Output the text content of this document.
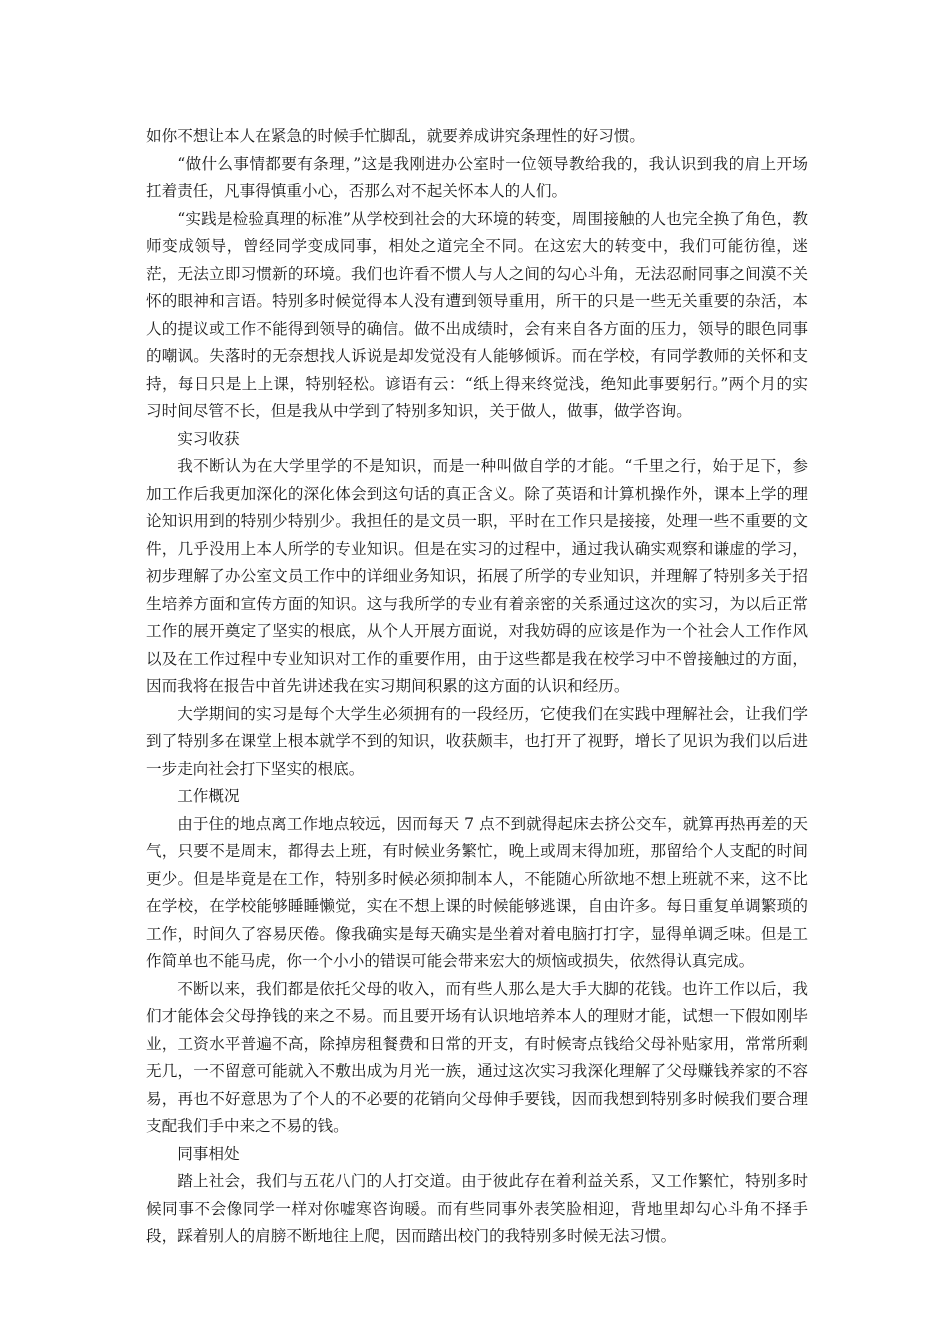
如你不想让本人在紧急的时候手忙脚乱，就要养成讲究条理性的好习惯。

“做什么事情都要有条理，”这是我刚进办公室时一位领导教给我的，我认识到我的肩上开场扛着责任，凡事得慎重小心，否那么对不起关怀本人的人们。

“实践是检验真理的标准”从学校到社会的大环境的转变，周围接触的人也完全换了角色，教师变成领导，曾经同学变成同事，相处之道完全不同。在这宏大的转变中，我们可能彷徨，迷茫，无法立即习惯新的环境。我们也许看不惯人与人之间的勾心斗角，无法忍耐同事之间漠不关怀的眼神和言语。特别多时候觉得本人没有遭到领导重用，所干的只是一些无关重要的杂活，本人的提议或工作不能得到领导的确信。做不出成绩时，会有来自各方面的压力，领导的眼色同事的嘲讽。失落时的无奈想找人诉说是却发觉没有人能够倾诉。而在学校，有同学教师的关怀和支持，每日只是上上课，特别轻松。谚语有云：“纸上得来终觉浅，绝知此事要躬行。”两个月的实习时间尽管不长，但是我从中学到了特别多知识，关于做人，做事，做学咨询。

实习收获

我不断认为在大学里学的不是知识，而是一种叫做自学的才能。“千里之行，始于足下，参加工作后我更加深化的深化体会到这句话的真正含义。除了英语和计算机操作外，课本上学的理论知识用到的特别少特别少。我担任的是文员一职，平时在工作只是接接，处理一些不重要的文件，几乎没用上本人所学的专业知识。但是在实习的过程中，通过我认确实观察和谦虚的学习，初步理解了办公室文员工作中的详细业务知识，拓展了所学的专业知识，并理解了特别多关于招生培养方面和宣传方面的知识。这与我所学的专业有着亲密的关系通过这次的实习，为以后正常工作的展开奠定了坚实的根底，从个人开展方面说，对我妨碍的应该是作为一个社会人工作作风以及在工作过程中专业知识对工作的重要作用，由于这些都是我在校学习中不曾接触过的方面，因而我将在报告中首先讲述我在实习期间积累的这方面的认识和经历。

大学期间的实习是每个大学生必须拥有的一段经历，它使我们在实践中理解社会，让我们学到了特别多在课堂上根本就学不到的知识，收获颇丰，也打开了视野，增长了见识为我们以后进一步走向社会打下坚实的根底。

工作概况

由于住的地点离工作地点较远，因而每天 7 点不到就得起床去挤公交车，就算再热再差的天气，只要不是周末，都得去上班，有时候业务繁忙，晚上或周末得加班，那留给个人支配的时间更少。但是毕竟是在工作，特别多时候必须抑制本人，不能随心所欲地不想上班就不来，这不比在学校，在学校能够睡睡懒觉，实在不想上课的时候能够逃课，自由许多。每日重复单调繁琐的工作，时间久了容易厌倦。像我确实是每天确实是坐着对着电脑打打字，显得单调乏味。但是工作简单也不能马虎，你一个小小的错误可能会带来宏大的烦恼或损失，依然得认真完成。

不断以来，我们都是依托父母的收入，而有些人那么是大手大脚的花钱。也许工作以后，我们才能体会父母挣钱的来之不易。而且要开场有认识地培养本人的理财才能，试想一下假如刚毕业，工资水平普遍不高，除掉房租餐费和日常的开支，有时候寄点钱给父母补贴家用，常常所剩无几，一不留意可能就入不敷出成为月光一族，通过这次实习我深化理解了父母赚钱养家的不容易，再也不好意思为了个人的不必要的花销向父母伸手要钱，因而我想到特别多时候我们要合理支配我们手中来之不易的钱。

同事相处

踏上社会，我们与五花八门的人打交道。由于彼此存在着利益关系，又工作繁忙，特别多时候同事不会像同学一样对你嘘寒咨询暖。而有些同事外表笑脸相迎，背地里却勾心斗角不择手段，踩着别人的肩膀不断地往上爬，因而踏出校门的我特别多时候无法习惯。
